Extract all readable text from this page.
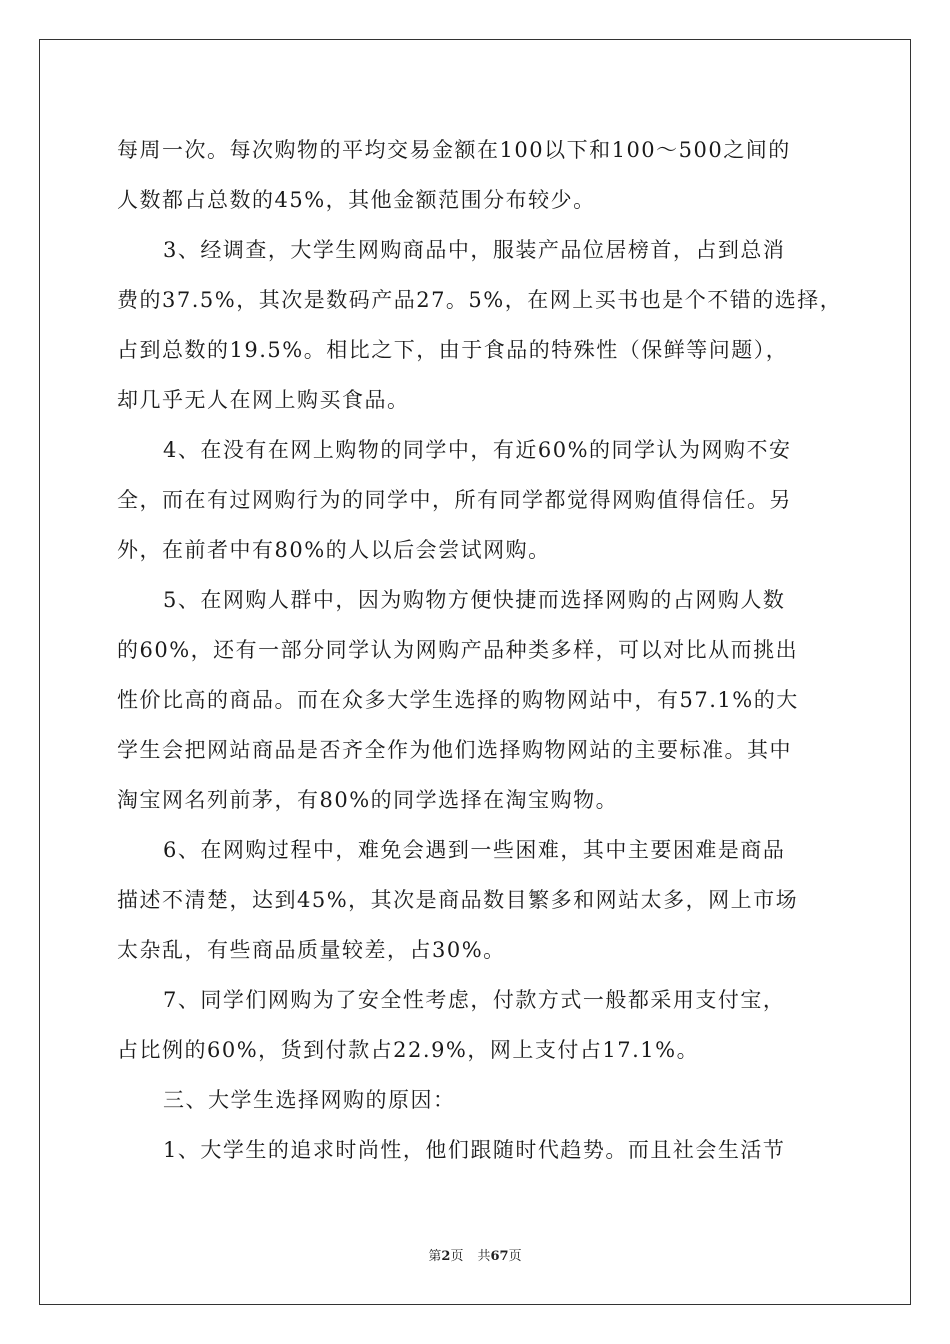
每周一次。每次购物的平均交易金额在100以下和100～500之间的

人数都占总数的45%，其他金额范围分布较少。

3、经调查，大学生网购商品中，服装产品位居榜首，占到总消

费的37.5%，其次是数码产品27。5%，在网上买书也是个不错的选择，

占到总数的19.5%。相比之下，由于食品的特殊性（保鲜等问题），

却几乎无人在网上购买食品。

4、在没有在网上购物的同学中，有近60%的同学认为网购不安

全，而在有过网购行为的同学中，所有同学都觉得网购值得信任。另

外，在前者中有80%的人以后会尝试网购。

5、在网购人群中，因为购物方便快捷而选择网购的占网购人数

的60%，还有一部分同学认为网购产品种类多样，可以对比从而挑出

性价比高的商品。而在众多大学生选择的购物网站中，有57.1%的大

学生会把网站商品是否齐全作为他们选择购物网站的主要标准。其中

淘宝网名列前茅，有80%的同学选择在淘宝购物。

6、在网购过程中，难免会遇到一些困难，其中主要困难是商品

描述不清楚，达到45%，其次是商品数目繁多和网站太多，网上市场

太杂乱，有些商品质量较差，占30%。

7、同学们网购为了安全性考虑，付款方式一般都采用支付宝，

占比例的60%，货到付款占22.9%，网上支付占17.1%。

三、大学生选择网购的原因：

1、大学生的追求时尚性，他们跟随时代趋势。而且社会生活节

第2页 共67页
